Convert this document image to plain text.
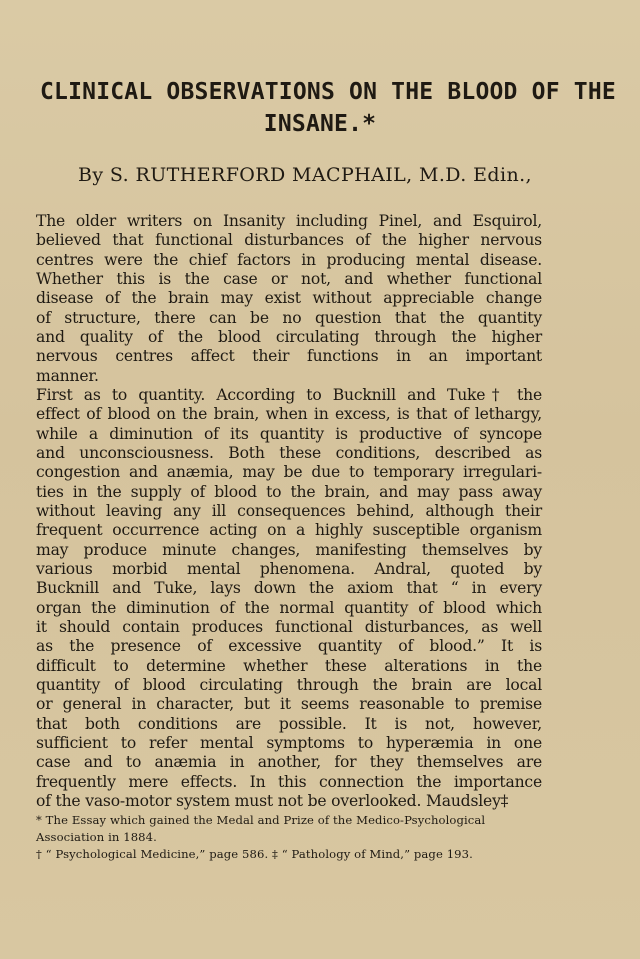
CLINICAL OBSERVATIONS ON THE BLOOD OF THE
INSANE.*
By S. RUTHERFORD MACPHAIL, M.D. Edin.,
The older writers on Insanity including Pinel, and Esquirol,
believed that functional disturbances of the higher nervous
centres were the chief factors in producing mental disease.
Whether this is the case or not, and whether functional
disease of the brain may exist without appreciable change
of structure, there can be no question that the quantity
and quality of the blood circulating through the higher
nervous centres affect their functions in an important
manner.
First as to quantity. According to Bucknill and Tuke† the
effect of blood on the brain, when in excess, is that of lethargy,
while a diminution of its quantity is productive of syncope
and unconsciousness. Both these conditions, described as
congestion and anæmia, may be due to temporary irregulari-
ties in the supply of blood to the brain, and may pass away
without leaving any ill consequences behind, although their
frequent occurrence acting on a highly susceptible organism
may produce minute changes, manifesting themselves by
various morbid mental phenomena. Andral, quoted by
Bucknill and Tuke, lays down the axiom that “ in every
organ the diminution of the normal quantity of blood which
it should contain produces functional disturbances, as well
as the presence of excessive quantity of blood.” It is
difficult to determine whether these alterations in the
quantity of blood circulating through the brain are local
or general in character, but it seems reasonable to premise
that both conditions are possible. It is not, however,
sufficient to refer mental symptoms to hyperæmia in one
case and to anæmia in another, for they themselves are
frequently mere effects. In this connection the importance
of the vaso-motor system must not be overlooked. Maudsley‡
* The Essay which gained the Medal and Prize of the Medico-Psychological
Association in 1884.
† “ Psychological Medicine,” page 586. ‡ “ Pathology of Mind,” page 193.
